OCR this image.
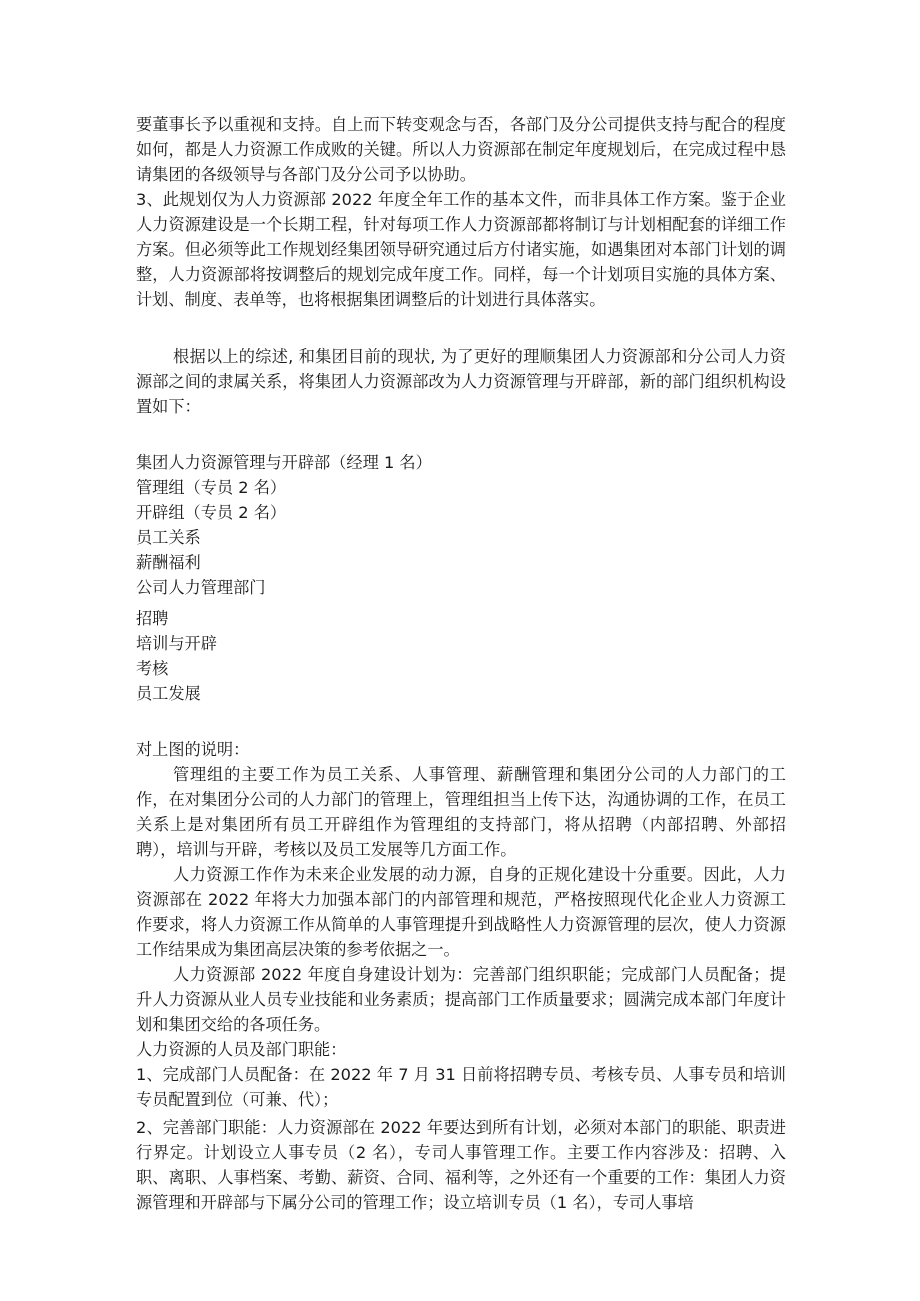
要董事长予以重视和支持。自上而下转变观念与否，各部门及分公司提供支持与配合的程度如何，都是人力资源工作成败的关键。所以人力资源部在制定年度规划后，在完成过程中恳请集团的各级领导与各部门及分公司予以协助。

3、此规划仅为人力资源部 2022 年度全年工作的基本文件，而非具体工作方案。鉴于企业人力资源建设是一个长期工程，针对每项工作人力资源部都将制订与计划相配套的详细工作方案。但必须等此工作规划经集团领导研究通过后方付诸实施，如遇集团对本部门计划的调整，人力资源部将按调整后的规划完成年度工作。同样，每一个计划项目实施的具体方案、计划、制度、表单等，也将根据集团调整后的计划进行具体落实。

根据以上的综述, 和集团目前的现状, 为了更好的理顺集团人力资源部和分公司人力资源部之间的隶属关系，将集团人力资源部改为人力资源管理与开辟部，新的部门组织机构设置如下：

集团人力资源管理与开辟部（经理 1 名）
管理组（专员 2 名）
开辟组（专员 2 名）
员工关系
薪酬福利
公司人力管理部门
招聘
培训与开辟
考核
员工发展

对上图的说明：

管理组的主要工作为员工关系、人事管理、薪酬管理和集团分公司的人力部门的工作，在对集团分公司的人力部门的管理上，管理组担当上传下达，沟通协调的工作，在员工关系上是对集团所有员工开辟组作为管理组的支持部门，将从招聘（内部招聘、外部招聘），培训与开辟，考核以及员工发展等几方面工作。

人力资源工作作为未来企业发展的动力源，自身的正规化建设十分重要。因此，人力资源部在 2022 年将大力加强本部门的内部管理和规范，严格按照现代化企业人力资源工作要求，将人力资源工作从简单的人事管理提升到战略性人力资源管理的层次，使人力资源工作结果成为集团高层决策的参考依据之一。

人力资源部 2022 年度自身建设计划为：完善部门组织职能；完成部门人员配备；提升人力资源从业人员专业技能和业务素质；提高部门工作质量要求；圆满完成本部门年度计划和集团交给的各项任务。

人力资源的人员及部门职能：

1、完成部门人员配备：在 2022 年 7 月 31 日前将招聘专员、考核专员、人事专员和培训专员配置到位（可兼、代）；

2、完善部门职能：人力资源部在 2022 年要达到所有计划，必须对本部门的职能、职责进行界定。计划设立人事专员（2 名），专司人事管理工作。主要工作内容涉及：招聘、入职、离职、人事档案、考勤、薪资、合同、福利等，之外还有一个重要的工作：集团人力资源管理和开辟部与下属分公司的管理工作；设立培训专员（1 名），专司人事培
